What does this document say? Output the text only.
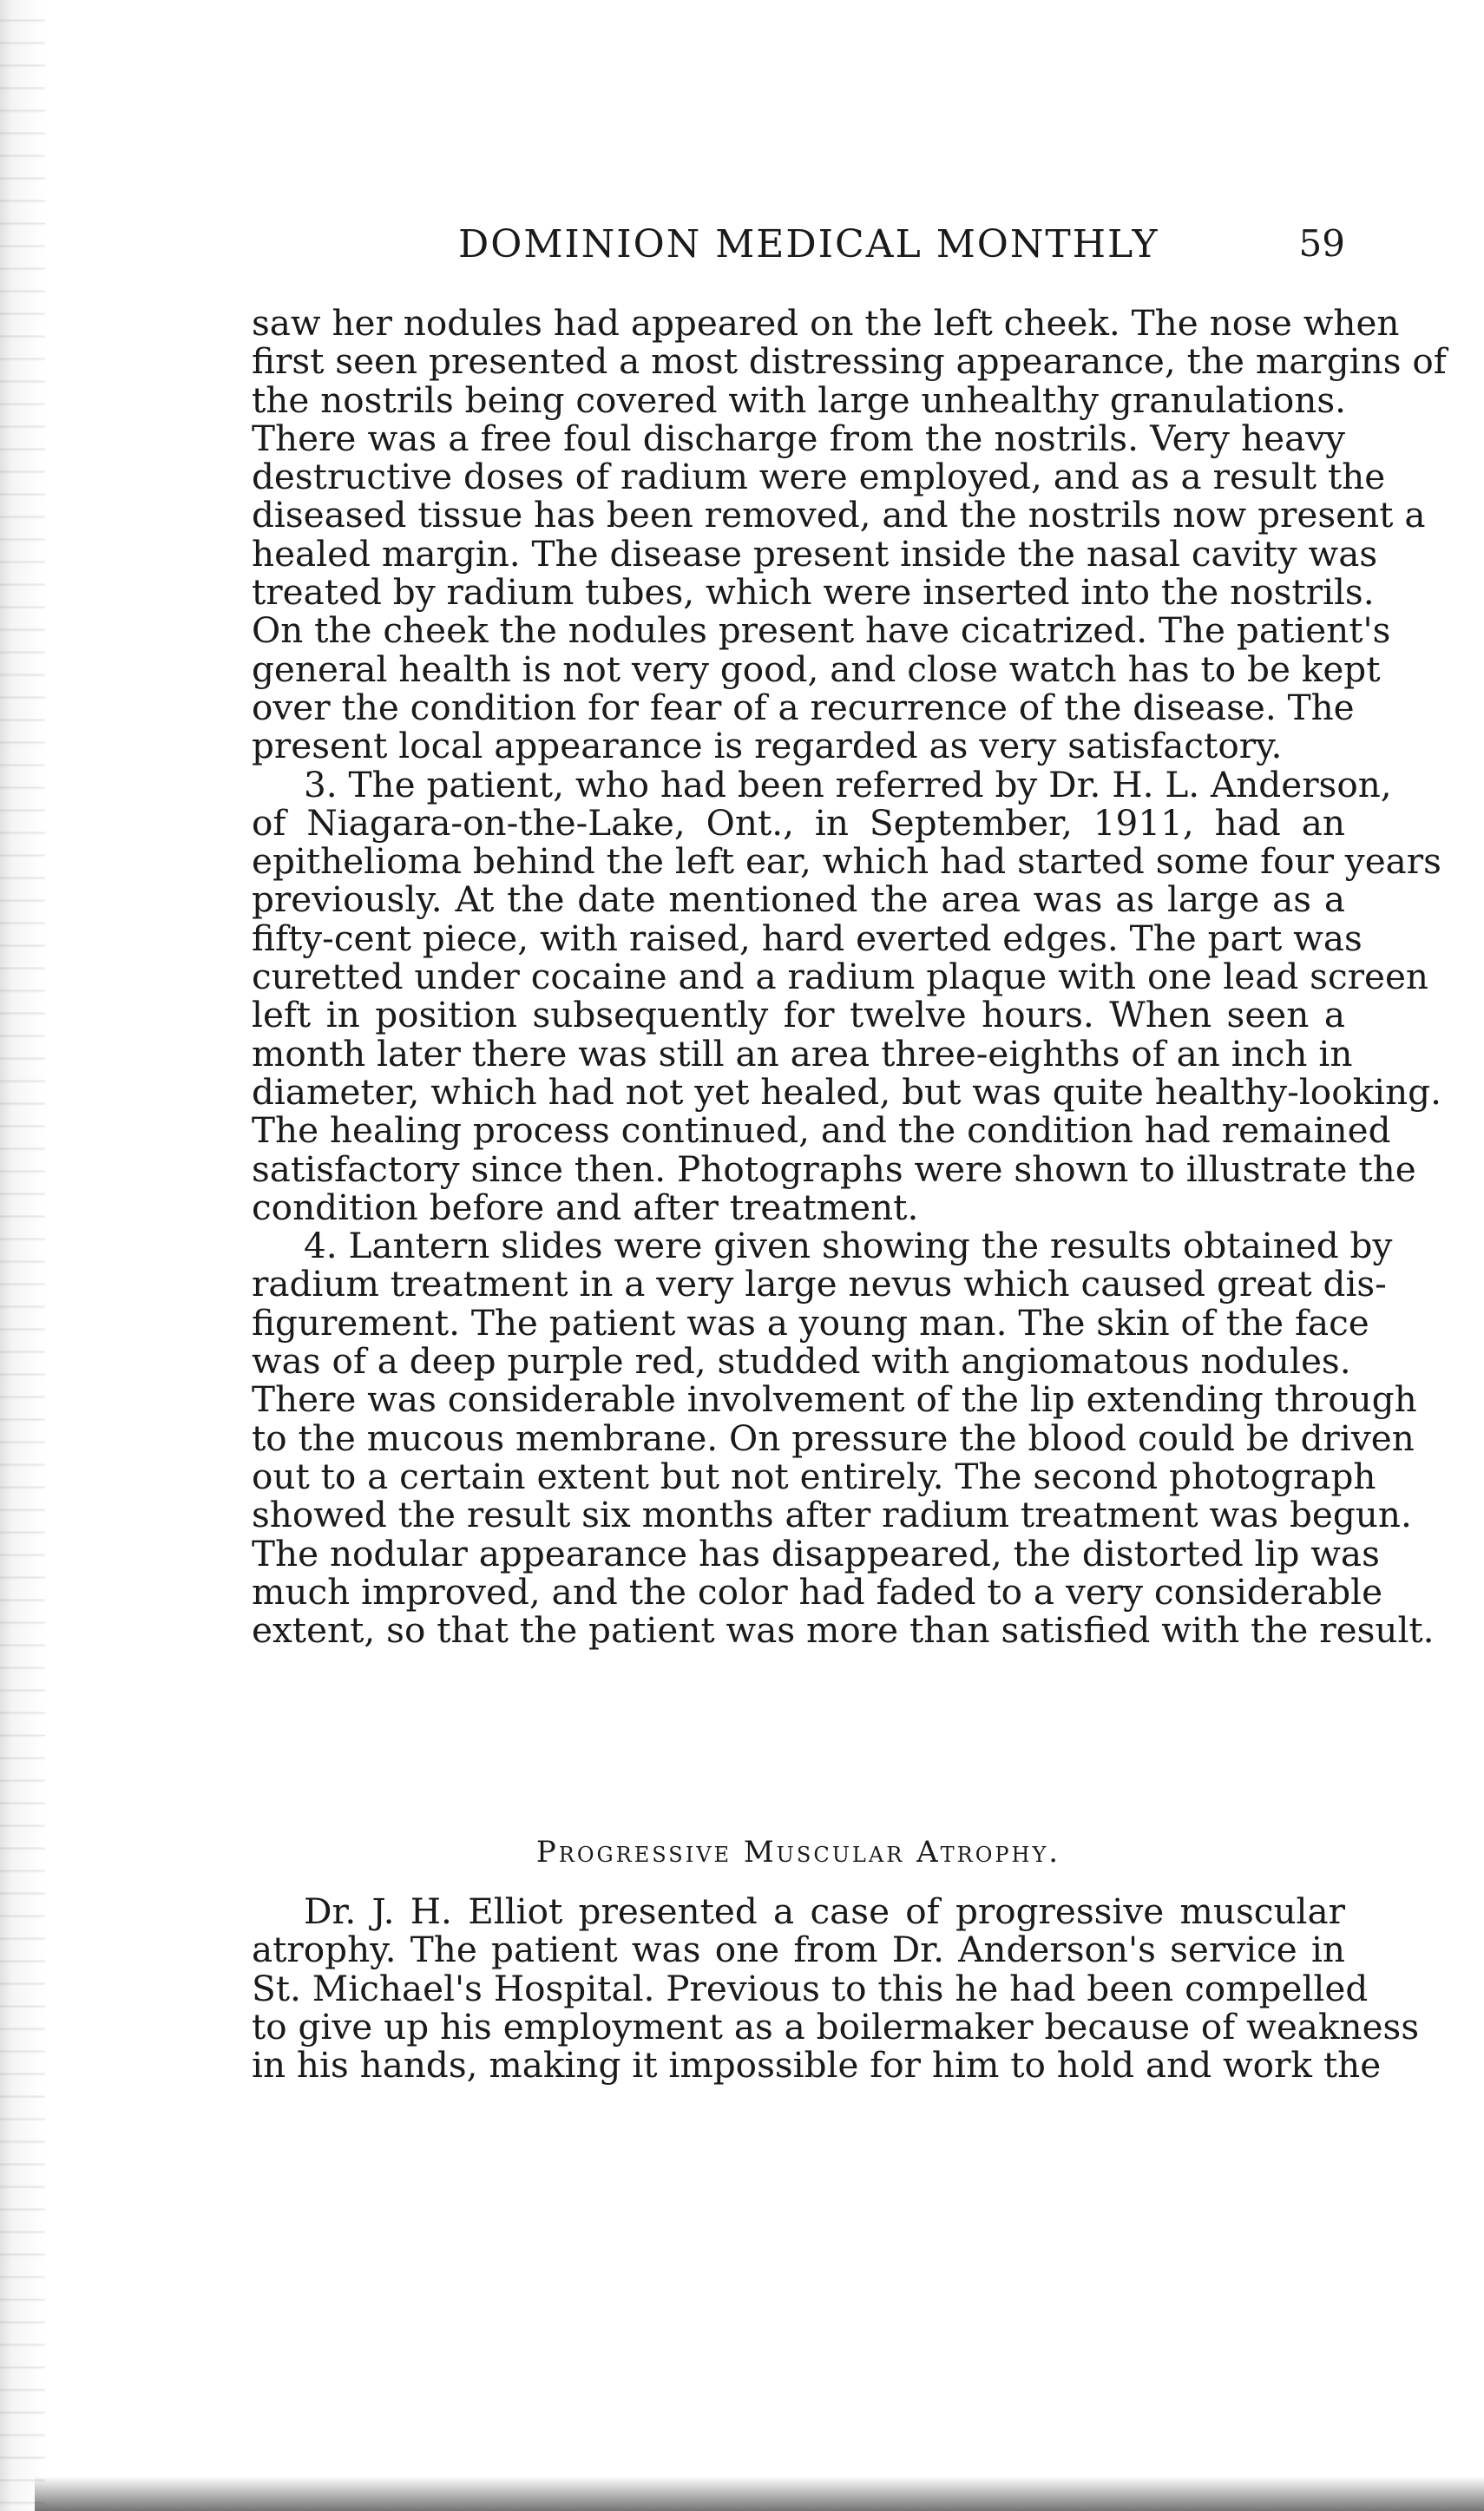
DOMINION MEDICAL MONTHLY	59

saw her nodules had appeared on the left cheek. The nose when
first seen presented a most distressing appearance, the margins of
the nostrils being covered with large unhealthy granulations.
There was a free foul discharge from the nostrils. Very heavy
destructive doses of radium were employed, and as a result the
diseased tissue has been removed, and the nostrils now present a
healed margin. The disease present inside the nasal cavity was
treated by radium tubes, which were inserted into the nostrils.
On the cheek the nodules present have cicatrized. The patient's
general health is not very good, and close watch has to be kept
over the condition for fear of a recurrence of the disease. The
present local appearance is regarded as very satisfactory.

3. The patient, who had been referred by Dr. H. L. Anderson,
of Niagara-on-the-Lake, Ont., in September, 1911, had an
epithelioma behind the left ear, which had started some four years
previously. At the date mentioned the area was as large as a
fifty-cent piece, with raised, hard everted edges. The part was
curetted under cocaine and a radium plaque with one lead screen
left in position subsequently for twelve hours. When seen a
month later there was still an area three-eighths of an inch in
diameter, which had not yet healed, but was quite healthy-looking.
The healing process continued, and the condition had remained
satisfactory since then. Photographs were shown to illustrate the
condition before and after treatment.

4. Lantern slides were given showing the results obtained by
radium treatment in a very large nevus which caused great dis-
figurement. The patient was a young man. The skin of the face
was of a deep purple red, studded with angiomatous nodules.
There was considerable involvement of the lip extending through
to the mucous membrane. On pressure the blood could be driven
out to a certain extent but not entirely. The second photograph
showed the result six months after radium treatment was begun.
The nodular appearance has disappeared, the distorted lip was
much improved, and the color had faded to a very considerable
extent, so that the patient was more than satisfied with the result.

Progressive Muscular Atrophy.

Dr. J. H. Elliot presented a case of progressive muscular
atrophy. The patient was one from Dr. Anderson's service in
St. Michael's Hospital. Previous to this he had been compelled
to give up his employment as a boilermaker because of weakness
in his hands, making it impossible for him to hold and work the
